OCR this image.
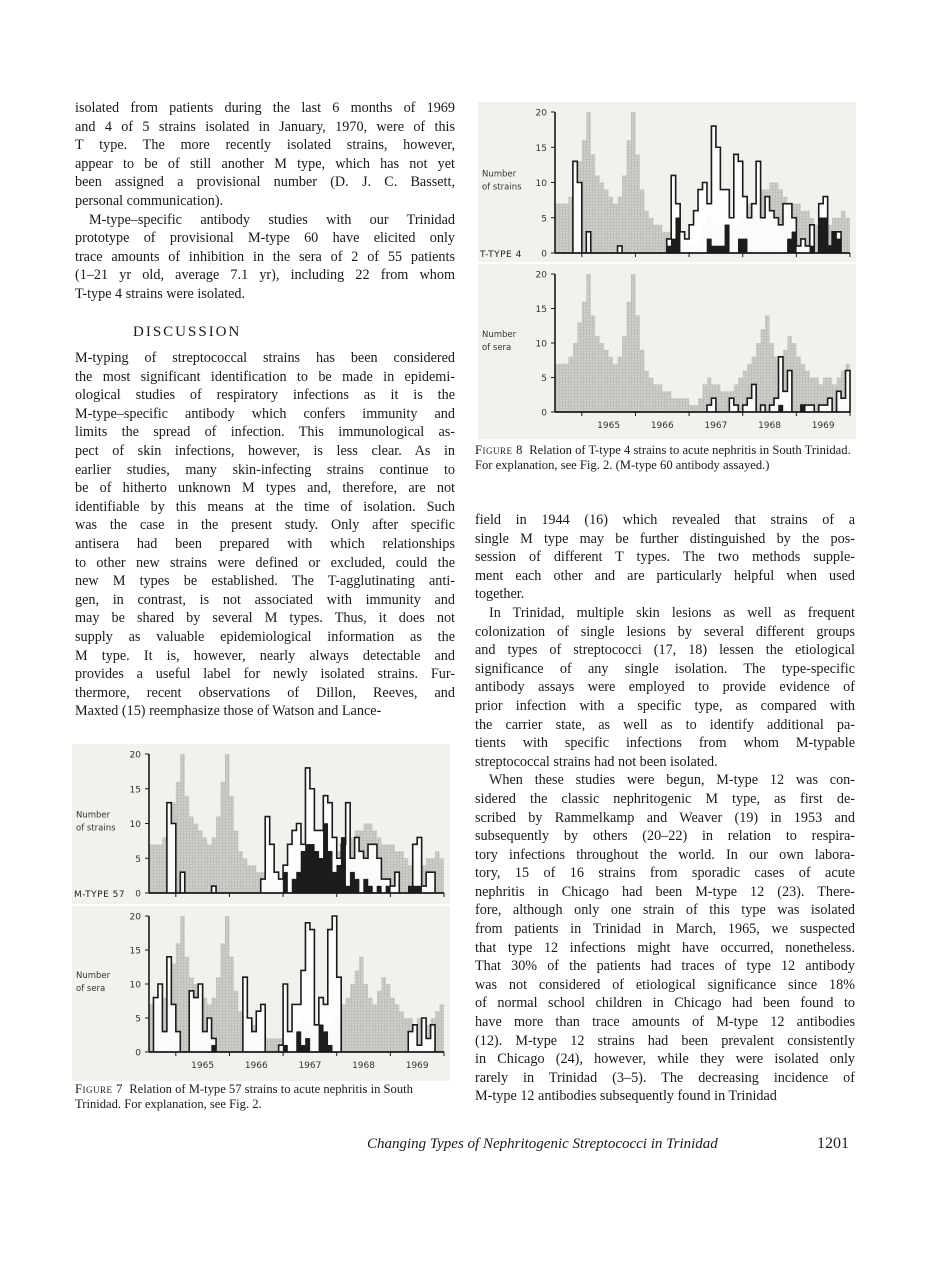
isolated from patients during the last 6 months of 1969
and 4 of 5 strains isolated in January, 1970, were of this
T type. The more recently isolated strains, however,
appear to be of still another M type, which has not yet
been assigned a provisional number (D. J. C. Bassett,
personal communication).
M-type–specific antibody studies with our Trinidad
prototype of provisional M-type 60 have elicited only
trace amounts of inhibition in the sera of 2 of 55 patients
(1–21 yr old, average 7.1 yr), including 22 from whom
T-type 4 strains were isolated.
DISCUSSION
M-typing of streptococcal strains has been considered
the most significant identification to be made in epidemi-
ological studies of respiratory infections as it is the
M-type–specific antibody which confers immunity and
limits the spread of infection. This immunological as-
pect of skin infections, however, is less clear. As in
earlier studies, many skin-infecting strains continue to
be of hitherto unknown M types and, therefore, are not
identifiable by this means at the time of isolation. Such
was the case in the present study. Only after specific
antisera had been prepared with which relationships
to other new strains were defined or excluded, could the
new M types be established. The T-agglutinating anti-
gen, in contrast, is not associated with immunity and
may be shared by several M types. Thus, it does not
supply as valuable epidemiological information as the
M type. It is, however, nearly always detectable and
provides a useful label for newly isolated strains. Fur-
thermore, recent observations of Dillon, Reeves, and
Maxted (15) reemphasize those of Watson and Lance-
field in 1944 (16) which revealed that strains of a
single M type may be further distinguished by the pos-
session of different T types. The two methods supple-
ment each other and are particularly helpful when used
together.
In Trinidad, multiple skin lesions as well as frequent
colonization of single lesions by several different groups
and types of streptococci (17, 18) lessen the etiological
significance of any single isolation. The type-specific
antibody assays were employed to provide evidence of
prior infection with a specific type, as compared with
the carrier state, as well as to identify additional pa-
tients with specific infections from whom M-typable
streptococcal strains had not been isolated.
When these studies were begun, M-type 12 was con-
sidered the classic nephritogenic M type, as first de-
scribed by Rammelkamp and Weaver (19) in 1953 and
subsequently by others (20–22) in relation to respira-
tory infections throughout the world. In our own labora-
tory, 15 of 16 strains from sporadic cases of acute
nephritis in Chicago had been M-type 12 (23). There-
fore, although only one strain of this type was isolated
from patients in Trinidad in March, 1965, we suspected
that type 12 infections might have occurred, nonetheless.
That 30% of the patients had traces of type 12 antibody
was not considered of etiological significance since 18%
of normal school children in Chicago had been found to
have more than trace amounts of M-type 12 antibodies
(12). M-type 12 strains had been prevalent consistently
in Chicago (24), however, while they were isolated only
rarely in Trinidad (3–5). The decreasing incidence of
M-type 12 antibodies subsequently found in Trinidad
0
5
10
15
20
Number
of strains
T-TYPE 4
0
5
10
15
20
1965	1966	1967	1968	1969
Number
of sera
Figure 8 Relation of T-type 4 strains to acute nephritis in South Trinidad. For explanation, see Fig. 2. (M-type 60 antibody assayed.)
0
5
10
15
20
Number
of strains
M-TYPE 57
0
5
10
15
20
1965	1966	1967	1968	1969
Number
of sera
Figure 7 Relation of M-type 57 strains to acute nephritis in South Trinidad. For explanation, see Fig. 2.
Changing Types of Nephritogenic Streptococci in Trinidad	1201
